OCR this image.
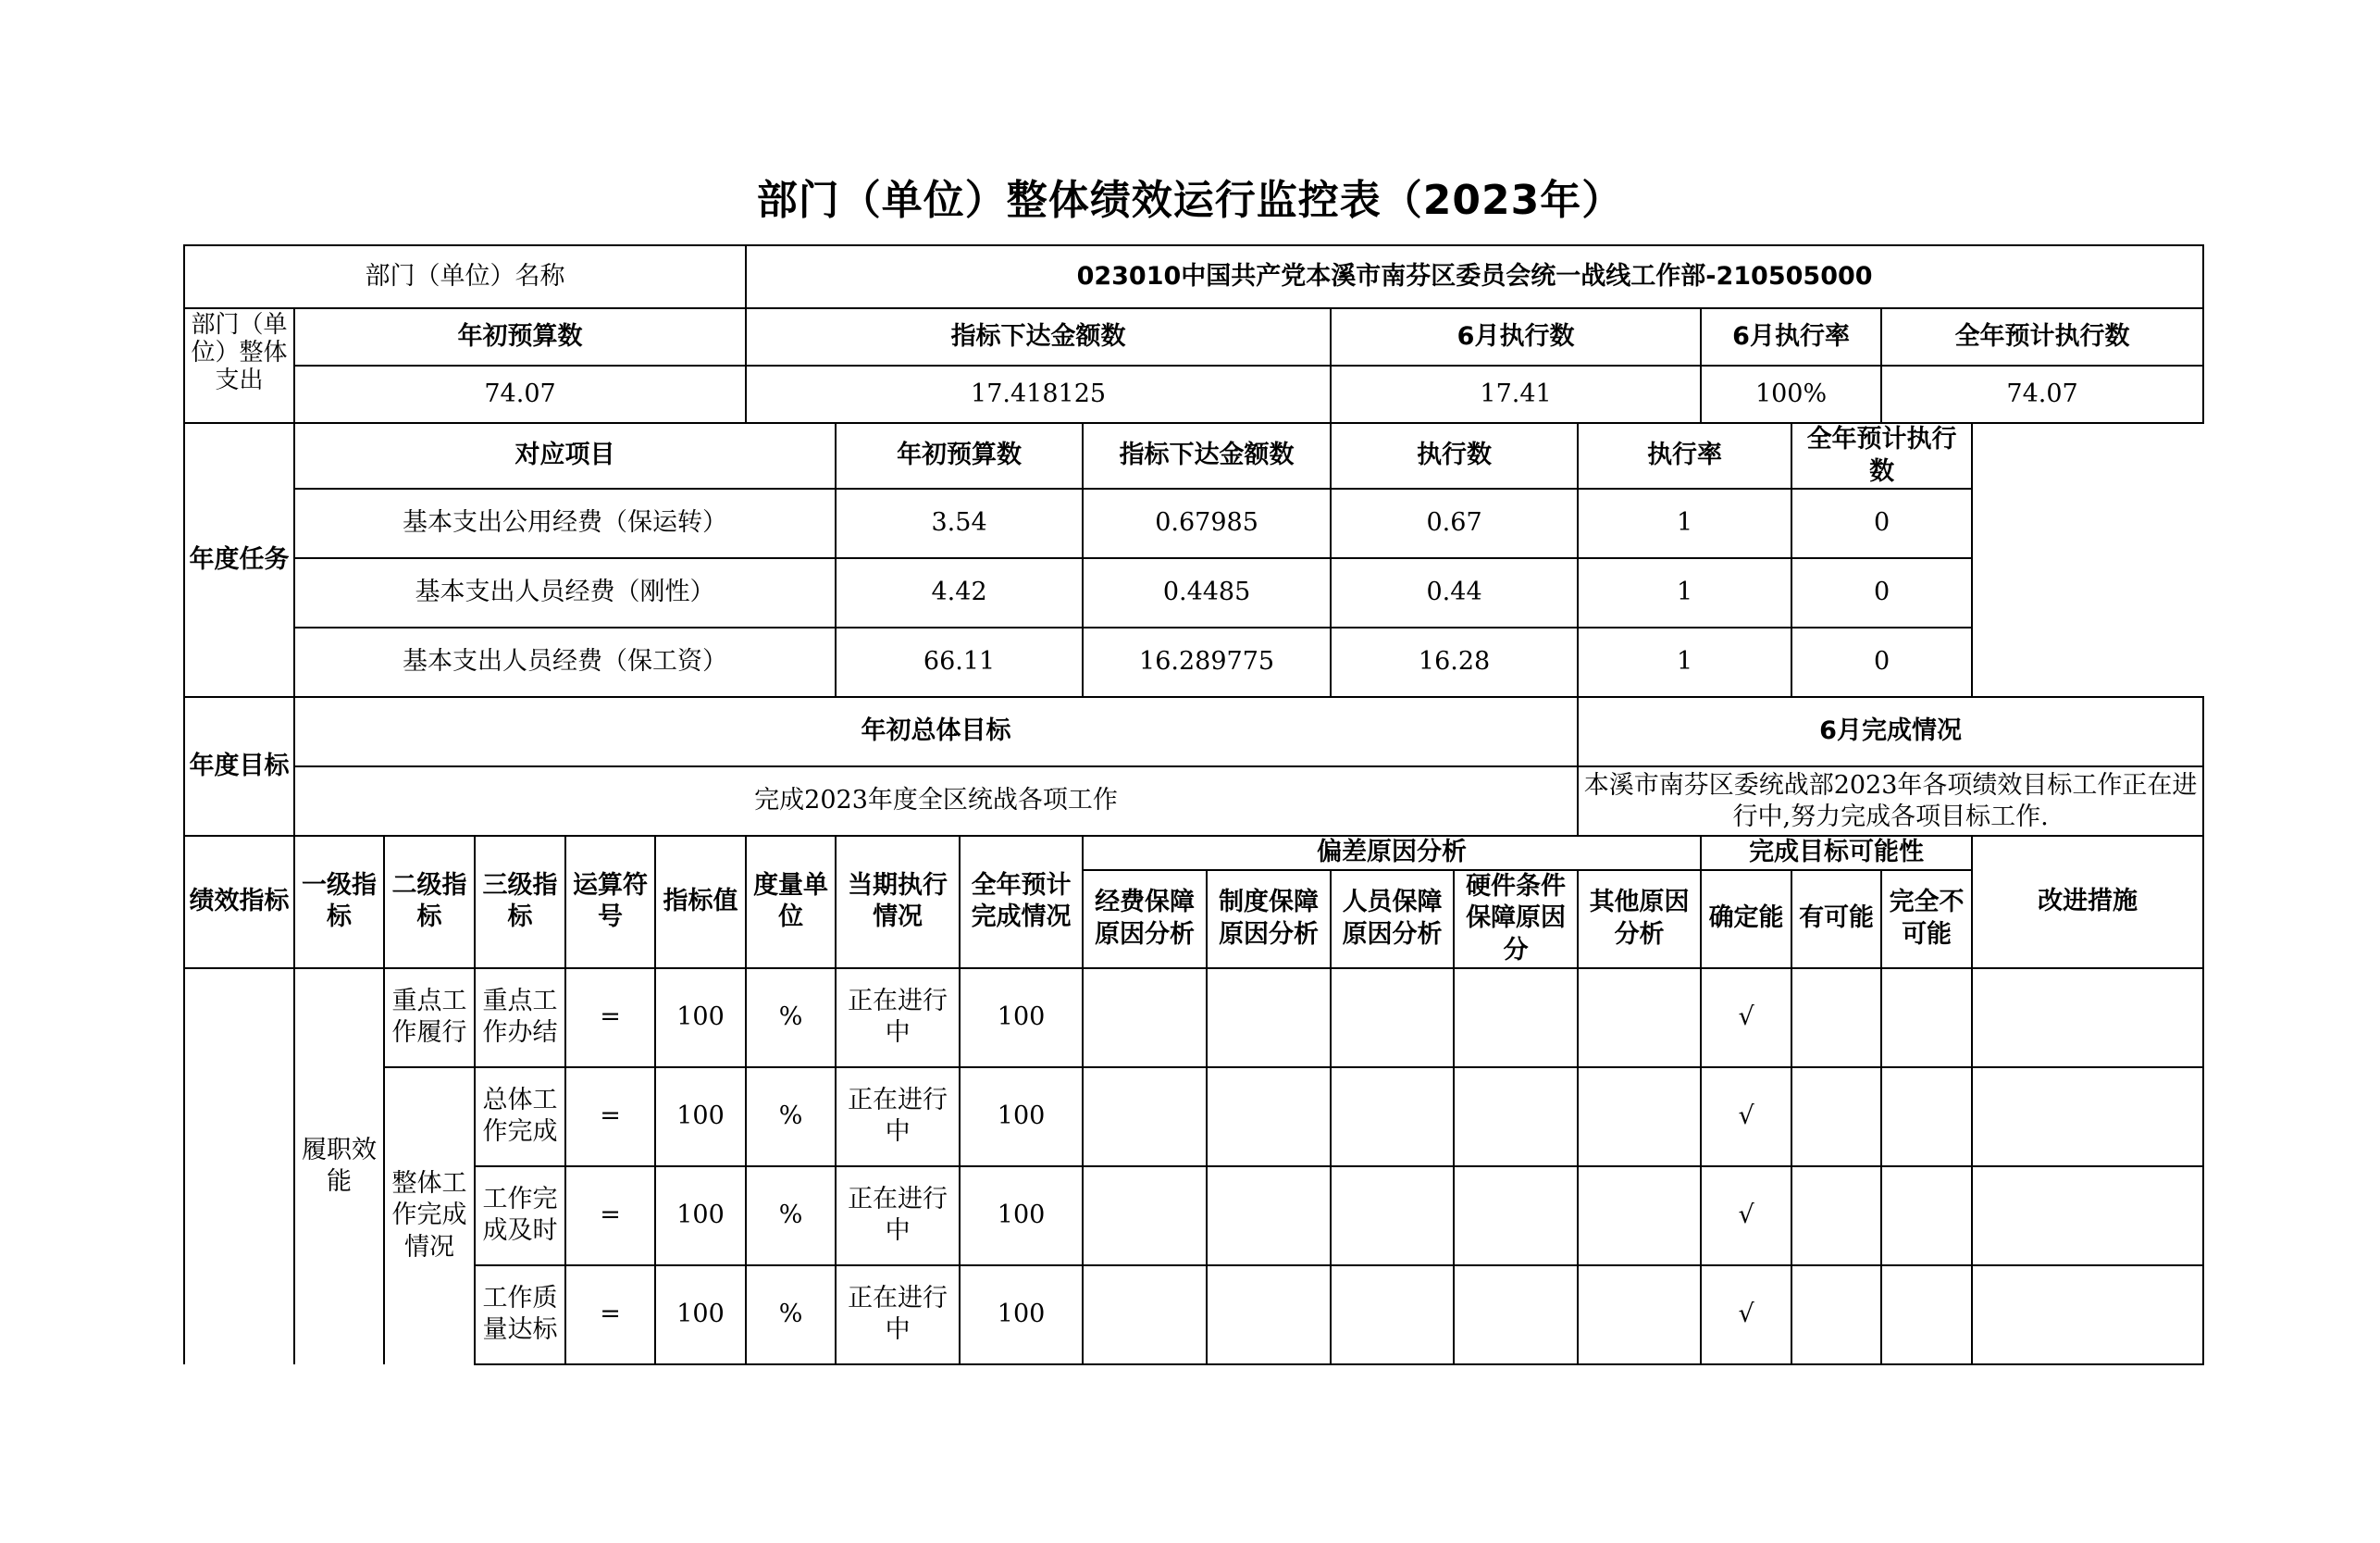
部门（单位）整体绩效运行监控表（2023年）
部门（单位）名称						023010中国共产党本溪市南芬区委员会统一战线工作部-210505000											

部门（单位）整体支出	年初预算数					指标下达金额数					6月执行数			6月执行率		全年预计执行数	
	74.07					17.418125					17.41			100%		74.07	
年度任务	对应项目						年初预算数		指标下达金额数		执行数		执行率		全年预计执行数		
	基本支出公用经费（保运转）						3.54		0.67985		0.67		1		0		
	基本支出人员经费（刚性）						4.42		0.4485		0.44		1		0		
	基本支出人员经费（保工资）						66.11		16.289775		16.28		1		0		
年度目标	年初总体目标												6月完成情况				
	完成2023年度全区统战各项工作												本溪市南芬区委统战部2023年各项绩效目标工作正在进行中,努力完成各项目标工作.				
绩效指标	一级指标	二级指标	三级指标	运算符号	指标值	度量单位	当期执行情况	全年预计完成情况	偏差原因分析					完成目标可能性			改进措施
									经费保障原因分析	制度保障原因分析	人员保障原因分析	硬件条件保障原因分	其他原因分析	确定能	有可能	完全不可能	
	履职效能	重点工作履行	重点工作办结	=	100	%	正在进行中	100						√			
		整体工作完成情况	总体工作完成	=	100	%	正在进行中	100						√			
			工作完成及时	=	100	%	正在进行中	100						√			
			工作质量达标	=	100	%	正在进行中	100						√			
